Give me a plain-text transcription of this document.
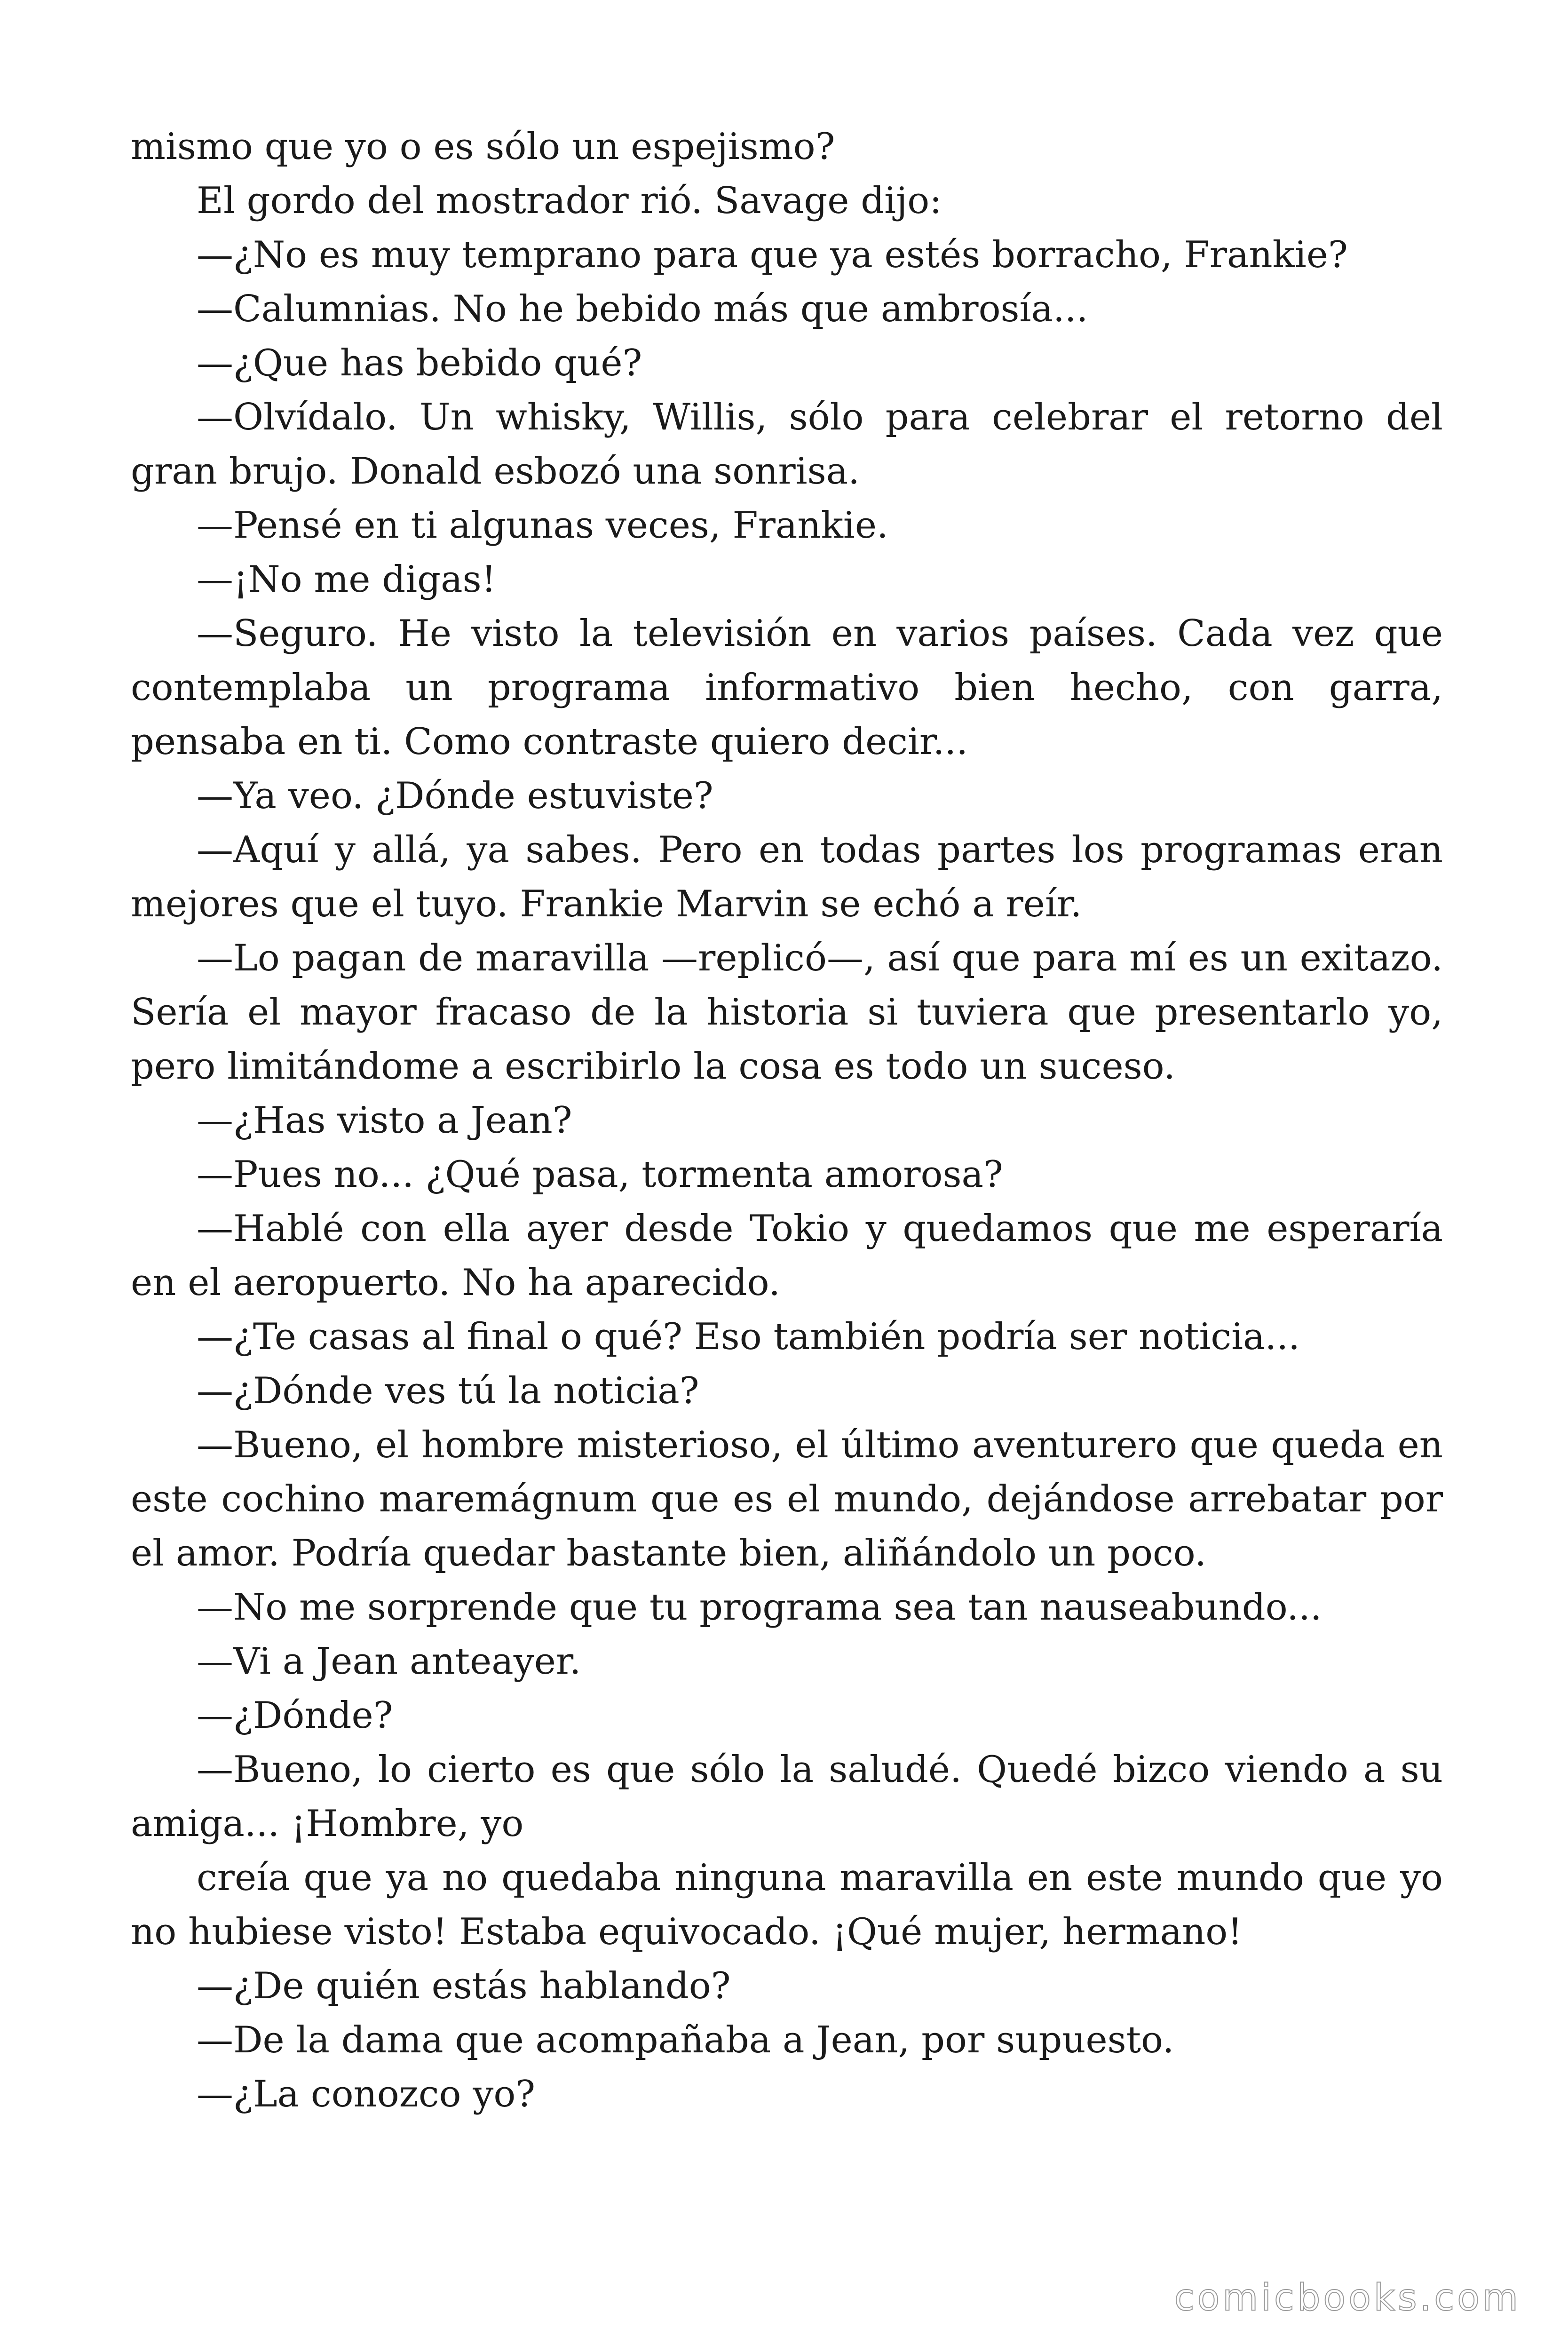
mismo que yo o es sólo un espejismo?

El gordo del mostrador rió. Savage dijo:

—¿No es muy temprano para que ya estés borracho, Frankie?

—Calumnias. No he bebido más que ambrosía...

—¿Que has bebido qué?

—Olvídalo. Un whisky, Willis, sólo para celebrar el retorno del gran brujo. Donald esbozó una sonrisa.

—Pensé en ti algunas veces, Frankie.

—¡No me digas!

—Seguro. He visto la televisión en varios países. Cada vez que contemplaba un programa informativo bien hecho, con garra, pensaba en ti. Como contraste quiero decir...

—Ya veo. ¿Dónde estuviste?

—Aquí y allá, ya sabes. Pero en todas partes los programas eran mejores que el tuyo. Frankie Marvin se echó a reír.

—Lo pagan de maravilla —replicó—, así que para mí es un exitazo. Sería el mayor fracaso de la historia si tuviera que presentarlo yo, pero limitándome a escribirlo la cosa es todo un suceso.

—¿Has visto a Jean?

—Pues no... ¿Qué pasa, tormenta amorosa?

—Hablé con ella ayer desde Tokio y quedamos que me esperaría en el aeropuerto. No ha aparecido.

—¿Te casas al final o qué? Eso también podría ser noticia...

—¿Dónde ves tú la noticia?

—Bueno, el hombre misterioso, el último aventurero que queda en este cochino maremágnum que es el mundo, dejándose arrebatar por el amor. Podría quedar bastante bien, aliñándolo un poco.

—No me sorprende que tu programa sea tan nauseabundo...

—Vi a Jean anteayer.

—¿Dónde?

—Bueno, lo cierto es que sólo la saludé. Quedé bizco viendo a su amiga... ¡Hombre, yo

creía que ya no quedaba ninguna maravilla en este mundo que yo no hubiese visto! Estaba equivocado. ¡Qué mujer, hermano!

—¿De quién estás hablando?

—De la dama que acompañaba a Jean, por supuesto.

—¿La conozco yo?

comicbooks.com
